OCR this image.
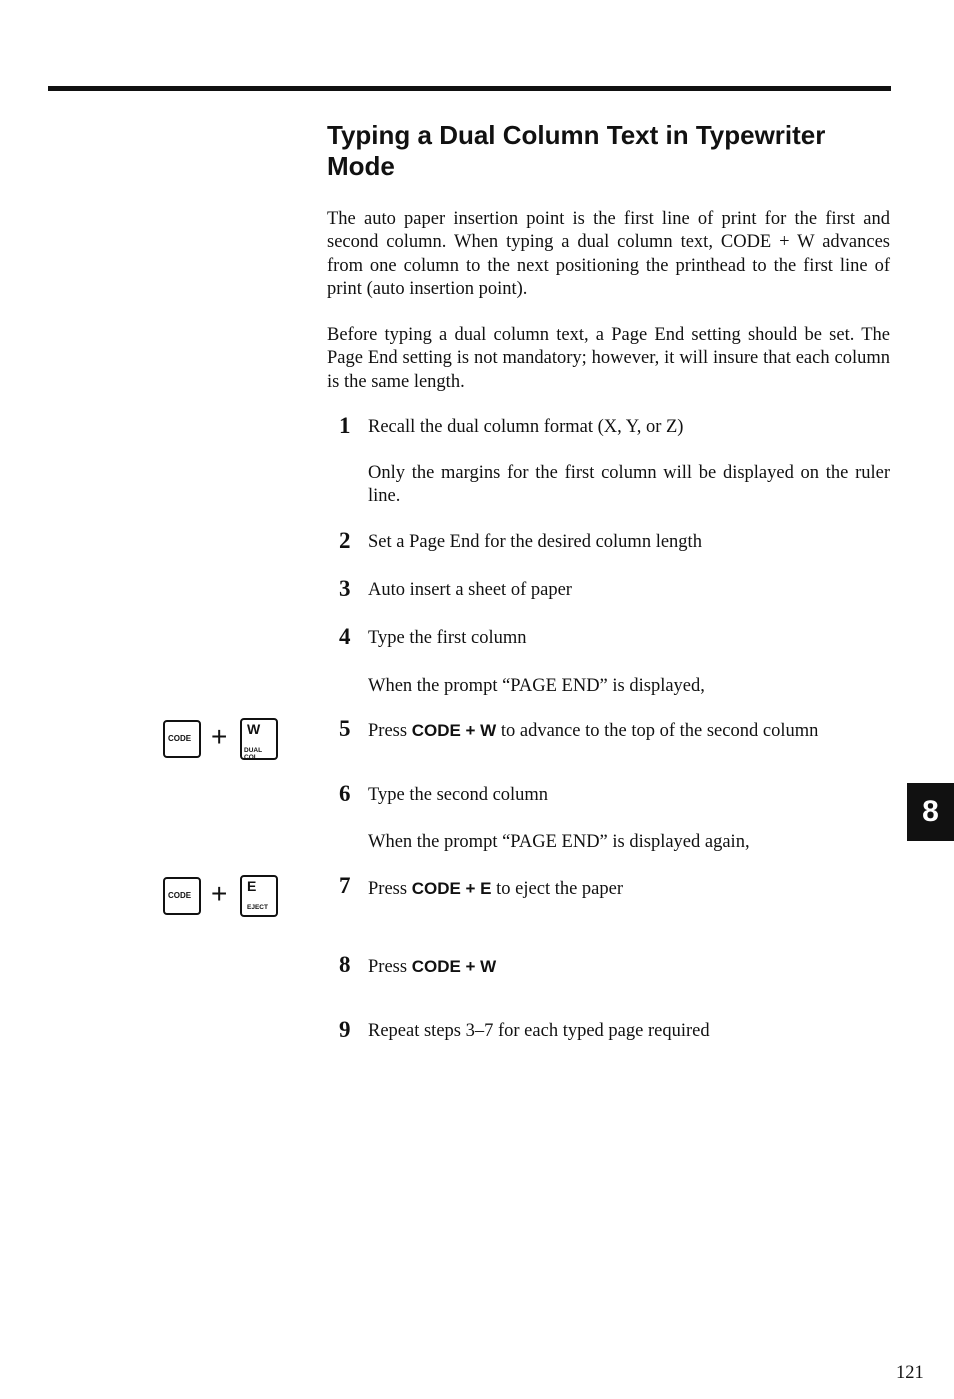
Typing a Dual Column Text in Typewriter Mode

The auto paper insertion point is the first line of print for the first and second column. When typing a dual column text, CODE + W advances from one column to the next positioning the printhead to the first line of print (auto insertion point).

Before typing a dual column text, a Page End setting should be set. The Page End setting is not mandatory; however, it will insure that each column is the same length.

1 Recall the dual column format (X, Y, or Z)

Only the margins for the first column will be displayed on the ruler line.

2 Set a Page End for the desired column length

3 Auto insert a sheet of paper

4 Type the first column

When the prompt “PAGE END” is displayed,

5 Press CODE + W to advance to the top of the second column

6 Type the second column

When the prompt “PAGE END” is displayed again,

7 Press CODE + E to eject the paper

8 Press CODE + W

9 Repeat steps 3–7 for each typed page required

CODE + W
DUAL COL
CODE + E
EJECT
8
121
